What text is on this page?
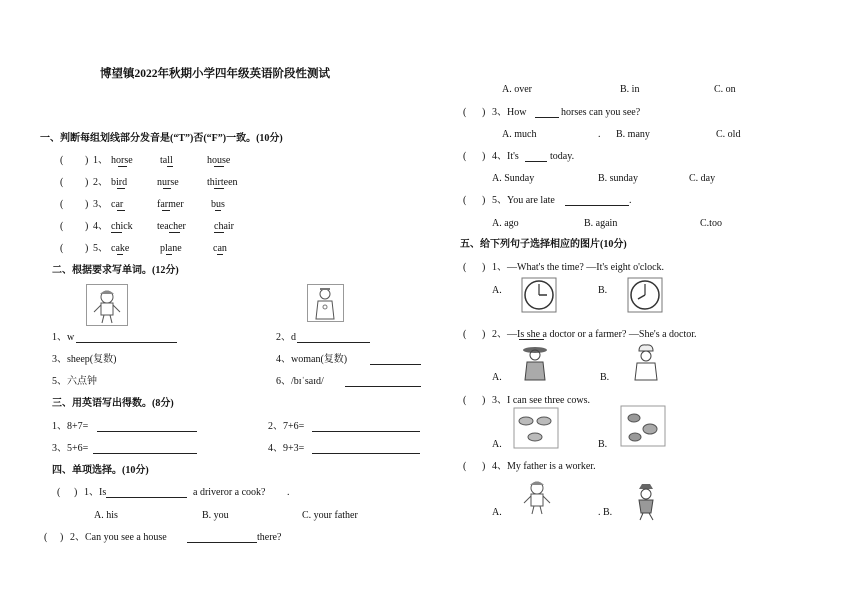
博望镇2022年秋期小学四年级英语阶段性测试
一、判断每组划线部分发音是(“T”)否(“F”)一致。(10分)
( ) 1、 horse	tall	house
( ) 2、 bird	nurse	thirteen
( ) 3、 car	farmer	bus
( ) 4、 chick teacher	chair
( ) 5、 cake	plane	can
二、根据要求写单词。(12分)
1、w	2、d
3、sheep(复数)	4、woman(复数)
5、六点钟	6、/bɪˈsaɪd/
三、用英语写出得数。(8分)
1、8+7=	2、7+6=
3、5+6=	4、9+3=
四、单项选择。(10分)
( ) 1、Is	a driveror a cook? .
A. his	B. you	C. your father
( ) 2、Can you see a house	there?
A. over	B. in	C. on
( ) 3、How	horses can you see?
A. much	. B. many	C. old
( ) 4、It's	today.
A. Sunday	B. sunday	C. day
( ) 5、You are late	.
A. ago	B. again	C.too
五、给下列句子选择相应的图片(10分)
( ) 1、—What's the time? —It's eight o'clock.
A.	B.
( ) 2、—Is she a doctor or a farmer? —She's a doctor.
A.	B.
( ) 3、I can see three cows.
A.	B.
( ) 4、My father is a worker.
A.	. B.
